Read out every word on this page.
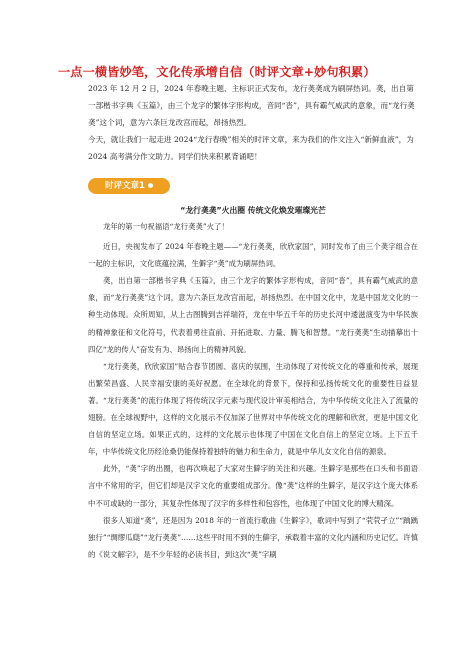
一点一横皆妙笔，文化传承增自信（时评文章+妙句积累）
2023 年 12 月 2 日，2024 年春晚主题、主标识正式发布，龙行䶮䶮成为刷屏热词。䶮，出自第一部楷书字典《玉篇》，由三个龙字的繁体字形构成，音同“沓”，具有霸气威武的意象，而“龙行䶮䶮”这个词，意为六条巨龙改宫而起，昂扬热烈。
今天，就让我们一起走进 2024“龙行春晚”相关的时评文章，来为我们的作文注入“新鲜血液”，为 2024 高考满分作文助力。同学们快来积累背诵吧！
时评文章1
“龙行䶮䶮”火出圈 传统文化焕发璀璨光芒

龙年的第一句祝福语“龙行䶮䶮”火了！

近日，央视发布了 2024 年春晚主题——“龙行䶮䶮，欣欣家国”，同时发布了由三个䶮字组合在一起的主标识，文化底蕴拉满，生僻字“䶮”成为刷屏热词。

䶮，出自第一部楷书字典《玉篇》，由三个龙字的繁体字形构成，音同“沓”，具有霸气威武的意象，而“龙行䶮䶮”这个词，意为六条巨龙改宫而起，昂扬热烈。在中国文化中，龙是中国龙文化的一种生动体现。众所周知，从上古图腾到吉祥瑞符，龙在中华五千年的历史长河中逶滋演变为中华民族的精神象征和文化符号，代表着勇往直前、开拓进取、力量、腾飞和智慧。“龙行䶮䶮”生动描摹出十四亿“龙的传人”奋发有为、昂扬向上的精神风貌。

“龙行䶮䶮，欣欣家国”贴合春节团圆、喜庆的氛围，生动体现了对传统文化的尊重和传承，展现出繁荣昌盛、人民幸福安康的美好祝愿。在全球化的背景下，保持和弘扬传统文化的重要性日益显著。“龙行䶮䶮”的流行体现了将传统汉字元素与现代设计审美相结合，为中华传统文化注入了流量的翅膀。在全球视野中，这样的文化展示不仅加深了世界对中华传统文化的理解和欣赏，更是中国文化自信的坚定立场。如果正式的，这样的文化展示也体现了中国在文化自信上的坚定立场。上下五千年，中华传统文化历经沧桑仍能保持着独特的魅力和生命力，就是中华儿女文化自信的源泉。

此外，“䶮”字的出圈，也再次唤起了大家对生僻字的关注和兴趣。生僻字是那些在口头和书面语言中不常用的字，但它们却是汉字文化的重要组成部分。像“䶮”这样的生僻字，是汉字这个庞大体系中不可或缺的一部分，其复杂性体现了汉字的多样性和包容性，也体现了中国文化的博大精深。

很多人知道“䶮”，还是因为 2018 年的一首流行歌曲《生僻字》，歌词中写到了“茕茕孑立”“踽踽独行”“绸缪瓜瓞”“龙行䶮䶮”……这些平时用不到的生僻字，承载着丰富的文化内涵和历史记忆。许慎的《说文解字》，是不少年轻的必读书目，到这次“䶮”字刷
